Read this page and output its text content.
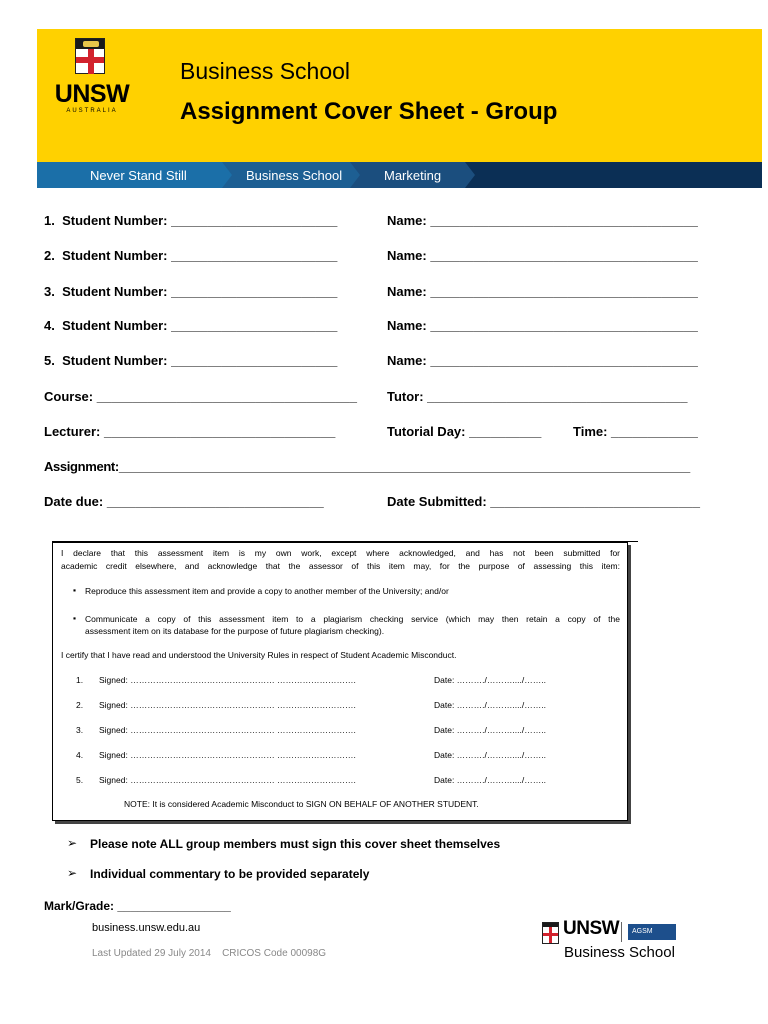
UNSW
AUSTRALIA
Business School
Assignment Cover Sheet - Group
Never Stand Still	Business School	Marketing
1.  Student Number: _______________________	Name: _____________________________________
2.  Student Number: _______________________	Name: _____________________________________
3.  Student Number: _______________________	Name: _____________________________________
4.  Student Number: _______________________	Name: _____________________________________
5.  Student Number: _______________________	Name: _____________________________________
Course: ____________________________________ Tutor: ____________________________________
Lecturer: ________________________________	Tutorial Day: __________ Time: ____________
Assignment:___________________________________________________________________________________
Date due: ______________________________	Date Submitted: _____________________________
I declare that this assessment item is my own work, except where acknowledged, and has not been submitted for
academic credit elsewhere, and acknowledge that the assessor of this item may, for the purpose of assessing this item:
▪ Reproduce this assessment item and provide a copy to another member of the University; and/or
▪ Communicate a copy of this assessment item to a plagiarism checking service (which may then retain a copy of the
assessment item on its database for the purpose of future plagiarism checking).
I certify that I have read and understood the University Rules in respect of Student Academic Misconduct.
1. Signed: …………………………………………… ……………………….	Date: ………./………..../……..
2. Signed: …………………………………………… ……………………….	Date: ………./………..../……..
3. Signed: …………………………………………… ……………………….	Date: ………./………..../……..
4. Signed: …………………………………………… ……………………….	Date: ………./………..../……..
5. Signed: …………………………………………… ……………………….	Date: ………./………..../……..
NOTE: It is considered Academic Misconduct to SIGN ON BEHALF OF ANOTHER STUDENT.
➢ Please note ALL group members must sign this cover sheet themselves
➢ Individual commentary to be provided separately
Mark/Grade: _________________
business.unsw.edu.au
Last Updated 29 July 2014    CRICOS Code 00098G
UNSW	AGSM
Business School
